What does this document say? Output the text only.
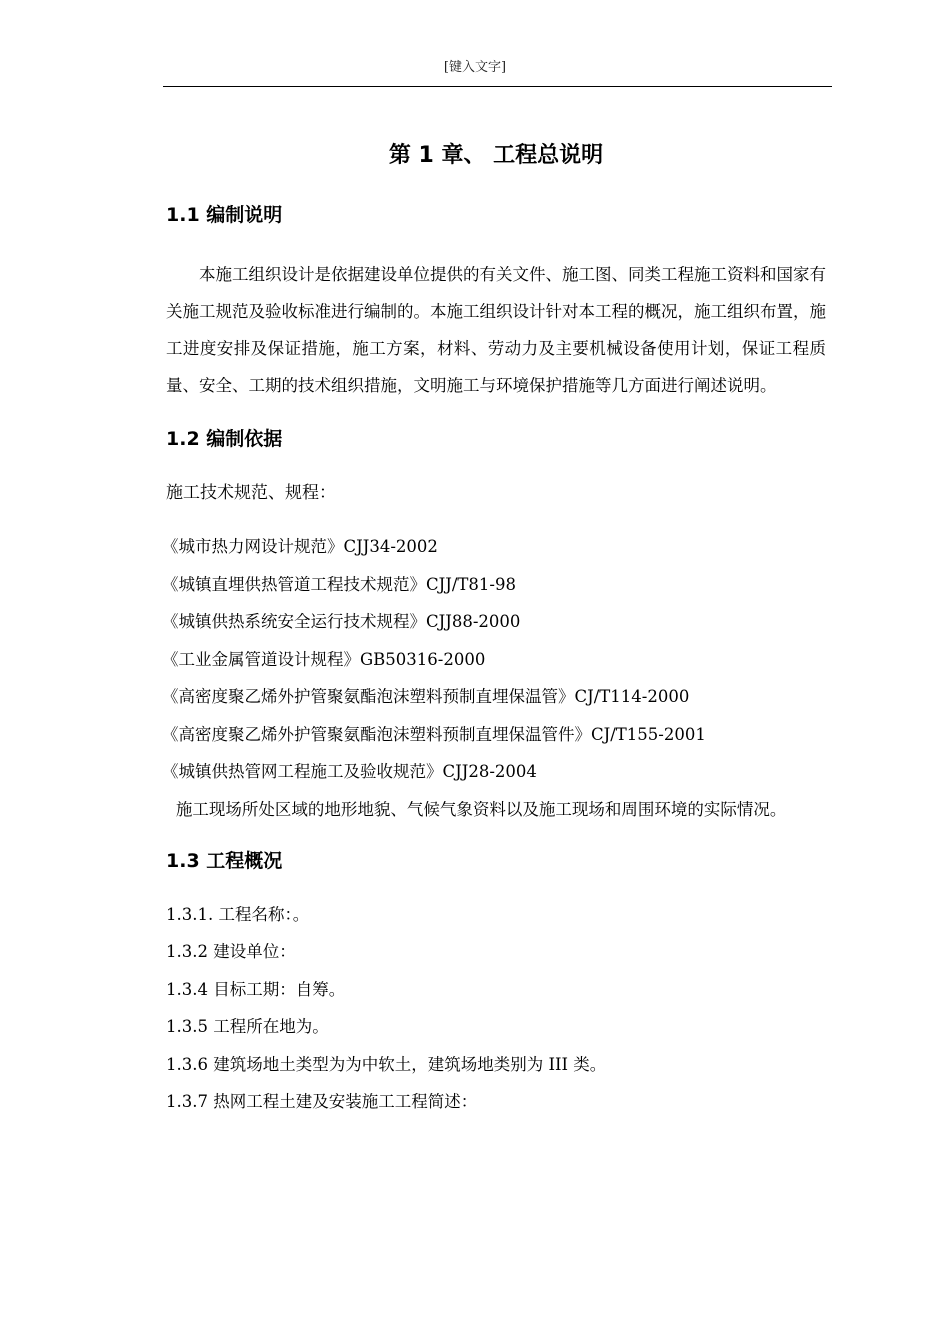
[键入文字]
第 1 章、 工程总说明
1.1 编制说明

本施工组织设计是依据建设单位提供的有关文件、施工图、同类工程施工资料和国家有关施工规范及验收标准进行编制的。本施工组织设计针对本工程的概况，施工组织布置，施工进度安排及保证措施，施工方案，材料、劳动力及主要机械设备使用计划，保证工程质量、安全、工期的技术组织措施，文明施工与环境保护措施等几方面进行阐述说明。

1.2 编制依据

施工技术规范、规程：

《城市热力网设计规范》CJJ34-2002
《城镇直埋供热管道工程技术规范》CJJ/T81-98
《城镇供热系统安全运行技术规程》CJJ88-2000
《工业金属管道设计规程》GB50316-2000
《高密度聚乙烯外护管聚氨酯泡沫塑料预制直埋保温管》CJ/T114-2000
《高密度聚乙烯外护管聚氨酯泡沫塑料预制直埋保温管件》CJ/T155-2001
《城镇供热管网工程施工及验收规范》CJJ28-2004

施工现场所处区域的地形地貌、气候气象资料以及施工现场和周围环境的实际情况。

1.3 工程概况
1.3.1. 工程名称：。
1.3.2 建设单位：
1.3.4 目标工期：自筹。
1.3.5 工程所在地为。
1.3.6 建筑场地土类型为为中软土，建筑场地类别为 III 类。
1.3.7 热网工程土建及安装施工工程简述：
